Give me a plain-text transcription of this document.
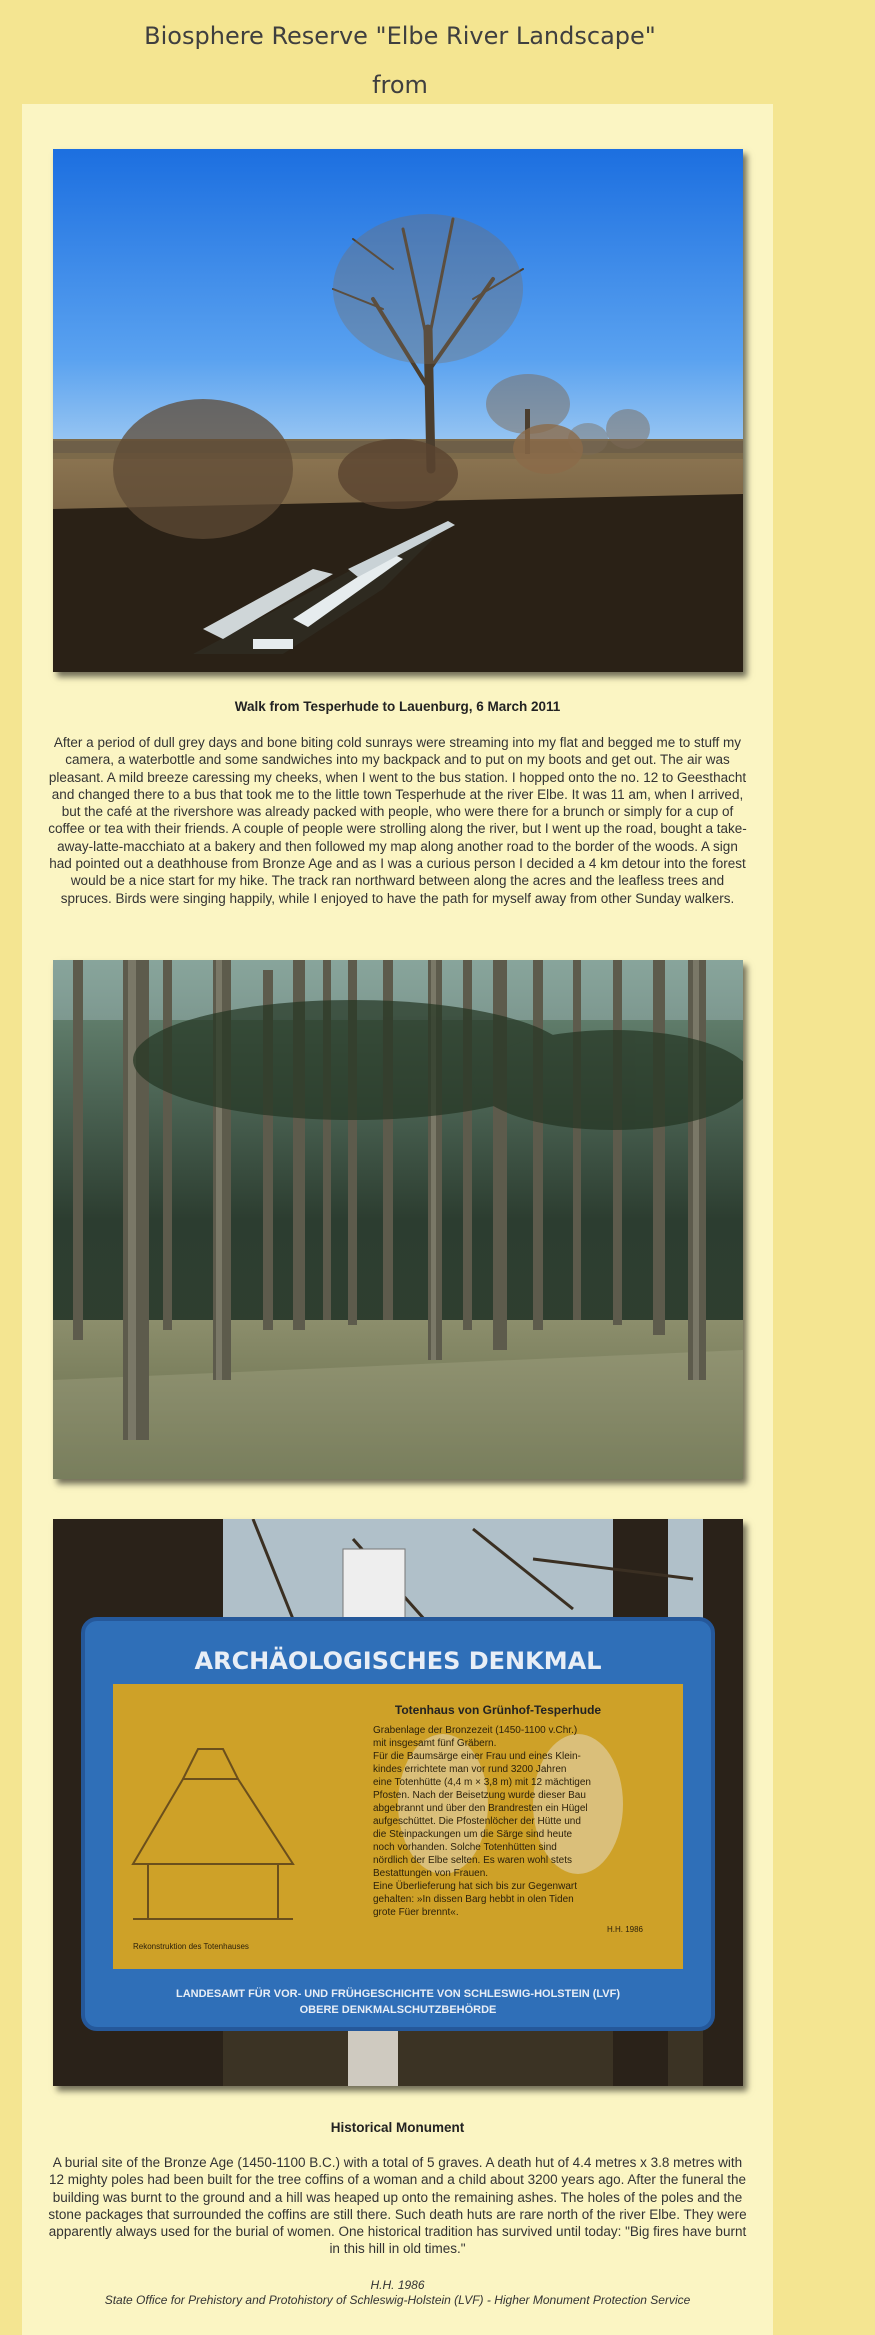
Biosphere Reserve "Elbe River Landscape" from
Walk from Tesperhude to Lauenburg, 6 March 2011

After a period of dull grey days and bone biting cold sunrays were streaming into my flat and begged me to stuff my camera, a waterbottle and some sandwiches into my backpack and to put on my boots and get out. The air was pleasant. A mild breeze caressing my cheeks, when I went to the bus station. I hopped onto the no. 12 to Geesthacht and changed there to a bus that took me to the little town Tesperhude at the river Elbe. It was 11 am, when I arrived, but the café at the rivershore was already packed with people, who were there for a brunch or simply for a cup of coffee or tea with their friends. A couple of people were strolling along the river, but I went up the road, bought a take-away-latte-macchiato at a bakery and then followed my map along another road to the border of the woods. A sign had pointed out a deathhouse from Bronze Age and as I was a curious person I decided a 4 km detour into the forest would be a nice start for my hike. The track ran northward between along the acres and the leafless trees and spruces. Birds were singing happily, while I enjoyed to have the path for myself away from other Sunday walkers.

ARCHÄOLOGISCHES DENKMAL
Totenhaus von Grünhof-Tesperhude
Grabenlage der Bronzezeit (1450-1100 v.Chr.)
mit insgesamt fünf Gräbern.
Für die Baumsärge einer Frau und eines Klein-
kindes errichtete man vor rund 3200 Jahren
eine Totenhütte (4,4 m × 3,8 m) mit 12 mächtigen
Pfosten. Nach der Beisetzung wurde dieser Bau
abgebrannt und über den Brandresten ein Hügel
aufgeschüttet. Die Pfostenlöcher der Hütte und
die Steinpackungen um die Särge sind heute
noch vorhanden. Solche Totenhütten sind
nördlich der Elbe selten. Es waren wohl stets
Bestattungen von Frauen.
Eine Überlieferung hat sich bis zur Gegenwart
gehalten: »In dissen Barg hebbt in olen Tiden
grote Füer brennt«.
H.H. 1986
Rekonstruktion des Totenhauses
LANDESAMT FÜR VOR- UND FRÜHGESCHICHTE VON SCHLESWIG-HOLSTEIN (LVF)
OBERE DENKMALSCHUTZBEHÖRDE
Historical Monument

A burial site of the Bronze Age (1450-1100 B.C.) with a total of 5 graves. A death hut of 4.4 metres x 3.8 metres with 12 mighty poles had been built for the tree coffins of a woman and a child about 3200 years ago. After the funeral the building was burnt to the ground and a hill was heaped up onto the remaining ashes. The holes of the poles and the stone packages that surrounded the coffins are still there. Such death huts are rare north of the river Elbe. They were apparently always used for the burial of women. One historical tradition has survived until today: "Big fires have burnt in this hill in old times."

H.H. 1986
State Office for Prehistory and Protohistory of Schleswig-Holstein (LVF) - Higher Monument Protection Service
